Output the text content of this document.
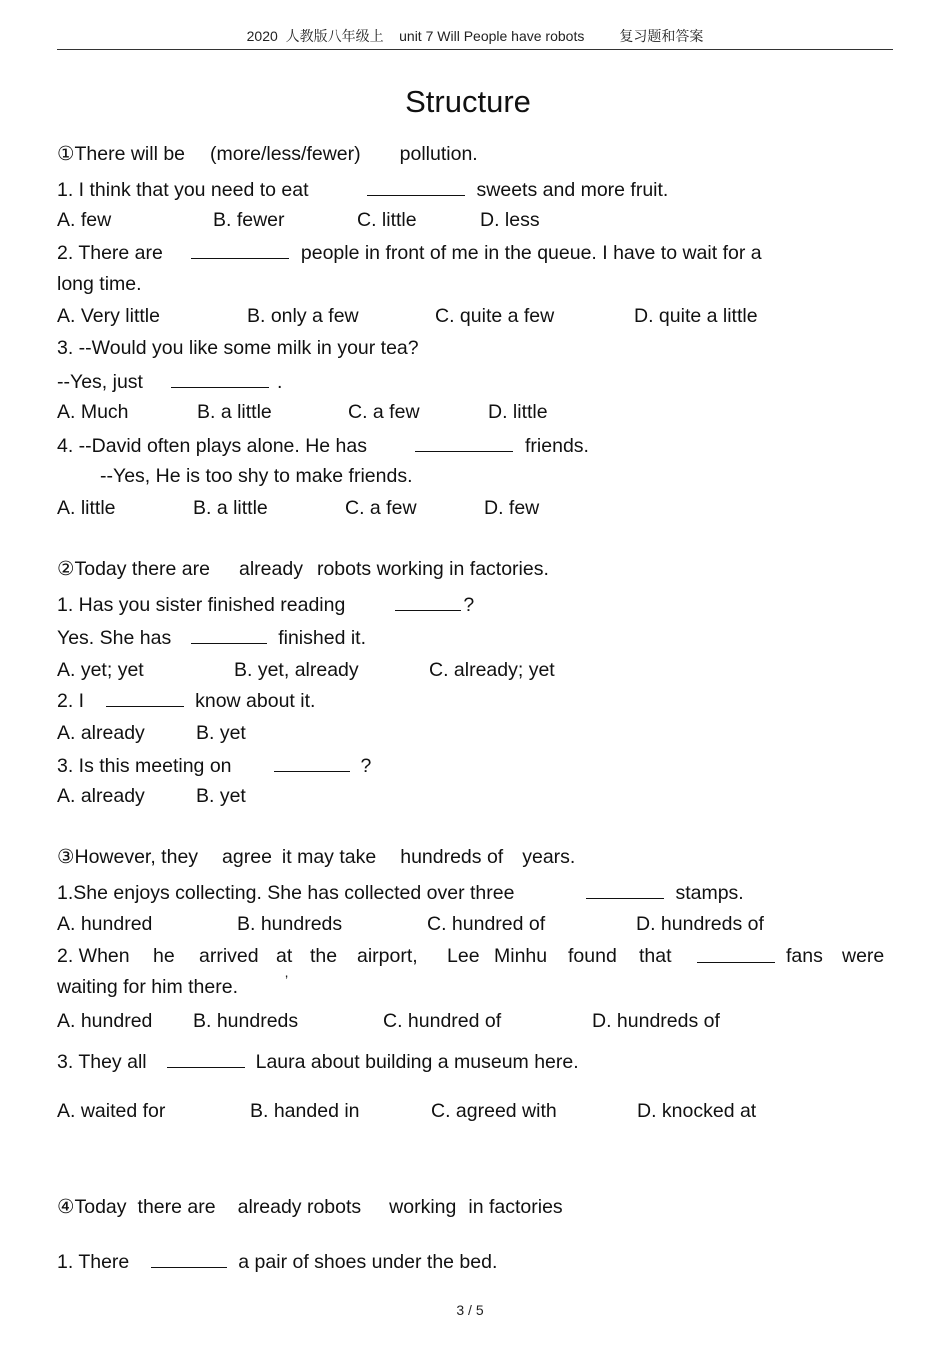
2020  人教版八年级上    unit 7 Will People have robots         复习题和答案
Structure
①There will be (more/less/fewer) pollution.
1. I think that you need to eat	sweets and more fruit.
A. few	B. fewer	C. little	D. less
2. There are	people in front of me in the queue. I have to wait for a
long time.
A. Very little	B. only a few	C. quite a few	D. quite a little
3. --Would you like some milk in your tea?
--Yes, just	.
A. Much	B. a little	C. a few	D. little
4. --David often plays alone. He has	friends.
--Yes, He is too shy to make friends.
A. little	B. a little	C. a few	D. few
②Today there are already robots working in factories.
1. Has you sister finished reading	?
Yes. She has	finished it.
A. yet; yet	B. yet, already	C. already; yet
2. I	know about it.
A. already	B. yet
3. Is this meeting on	?
A. already	B. yet
③However, they agree it may take hundreds of years.
1.She enjoys collecting. She has collected over three	stamps.
A. hundred	B. hundreds	C. hundred of	D. hundreds of
2. When he arrived at the airport, Lee Minhu found that	fans were
waiting for him there.	’
A. hundred B. hundreds	C. hundred of	D. hundreds of
3. They all	Laura about building a museum here.
A. waited for	B. handed in	C. agreed with	D. knocked at
④Today there are already robots working in factories
1. There	a pair of shoes under the bed.
3 / 5
